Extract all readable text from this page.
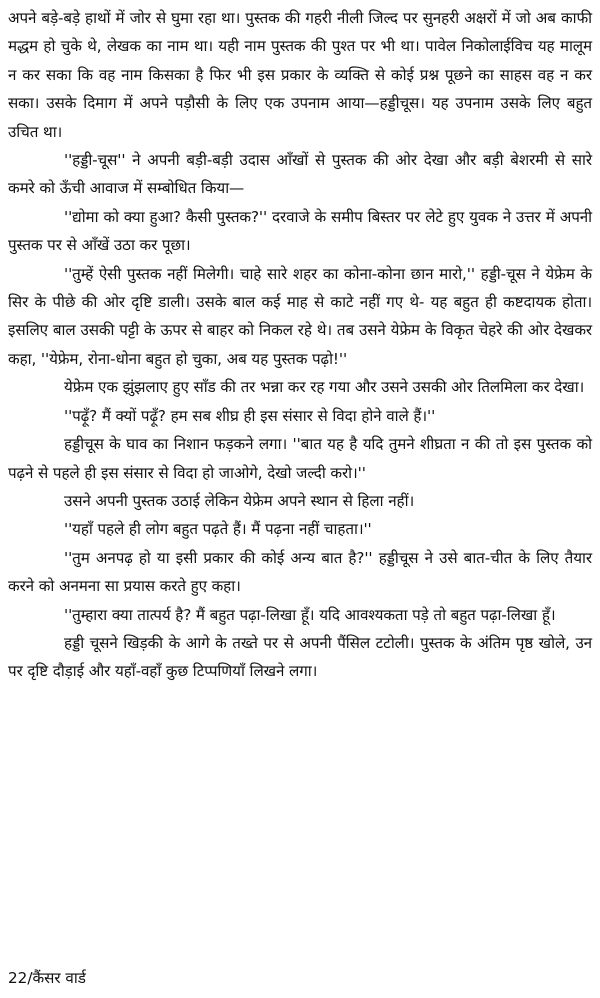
अपने बड़े-बड़े हाथों में जोर से घुमा रहा था। पुस्तक की गहरी नीली जिल्द पर सुनहरी अक्षरों में जो अब काफी मद्धम हो चुके थे, लेखक का नाम था। यही नाम पुस्तक की पुश्त पर भी था। पावेल निकोलाईविच यह मालूम न कर सका कि वह नाम किसका है फिर भी इस प्रकार के व्यक्ति से कोई प्रश्न पूछने का साहस वह न कर सका। उसके दिमाग में अपने पड़ौसी के लिए एक उपनाम आया—हड्डीचूस। यह उपनाम उसके लिए बहुत उचित था।

''हड्डी-चूस'' ने अपनी बड़ी-बड़ी उदास आँखों से पुस्तक की ओर देखा और बड़ी बेशरमी से सारे कमरे को ऊँची आवाज में सम्बोधित किया—

''द्योमा को क्या हुआ? कैसी पुस्तक?'' दरवाजे के समीप बिस्तर पर लेटे हुए युवक ने उत्तर में अपनी पुस्तक पर से आँखें उठा कर पूछा।

''तुम्हें ऐसी पुस्तक नहीं मिलेगी। चाहे सारे शहर का कोना-कोना छान मारो,'' हड्डी-चूस ने येफ्रेम के सिर के पीछे की ओर दृष्टि डाली। उसके बाल कई माह से काटे नहीं गए थे- यह बहुत ही कष्टदायक होता। इसलिए बाल उसकी पट्टी के ऊपर से बाहर को निकल रहे थे। तब उसने येफ्रेम के विकृत चेहरे की ओर देखकर कहा, ''येफ्रेम, रोना-धोना बहुत हो चुका, अब यह पुस्तक पढ़ो!''

येफ्रेम एक झुंझलाए हुए साँड की तर भन्ना कर रह गया और उसने उसकी ओर तिलमिला कर देखा।

''पढ़ूँ? मैं क्यों पढ़ूँ? हम सब शीघ्र ही इस संसार से विदा होने वाले हैं।''

हड्डीचूस के घाव का निशान फड़कने लगा। ''बात यह है यदि तुमने शीघ्रता न की तो इस पुस्तक को पढ़ने से पहले ही इस संसार से विदा हो जाओगे, देखो जल्दी करो।''

उसने अपनी पुस्तक उठाई लेकिन येफ्रेम अपने स्थान से हिला नहीं।

''यहाँ पहले ही लोग बहुत पढ़ते हैं। मैं पढ़ना नहीं चाहता।''

''तुम अनपढ़ हो या इसी प्रकार की कोई अन्य बात है?'' हड्डीचूस ने उसे बात-चीत के लिए तैयार करने को अनमना सा प्रयास करते हुए कहा।

''तुम्हारा क्या तात्पर्य है? मैं बहुत पढ़ा-लिखा हूँ। यदि आवश्यकता पड़े तो बहुत पढ़ा-लिखा हूँ।

हड्डी चूसने खिड़की के आगे के तख्ते पर से अपनी पैंसिल टटोली। पुस्तक के अंतिम पृष्ठ खोले, उन पर दृष्टि दौड़ाई और यहाँ-वहाँ कुछ टिप्पणियाँ लिखने लगा।

22/कैंसर वार्ड
